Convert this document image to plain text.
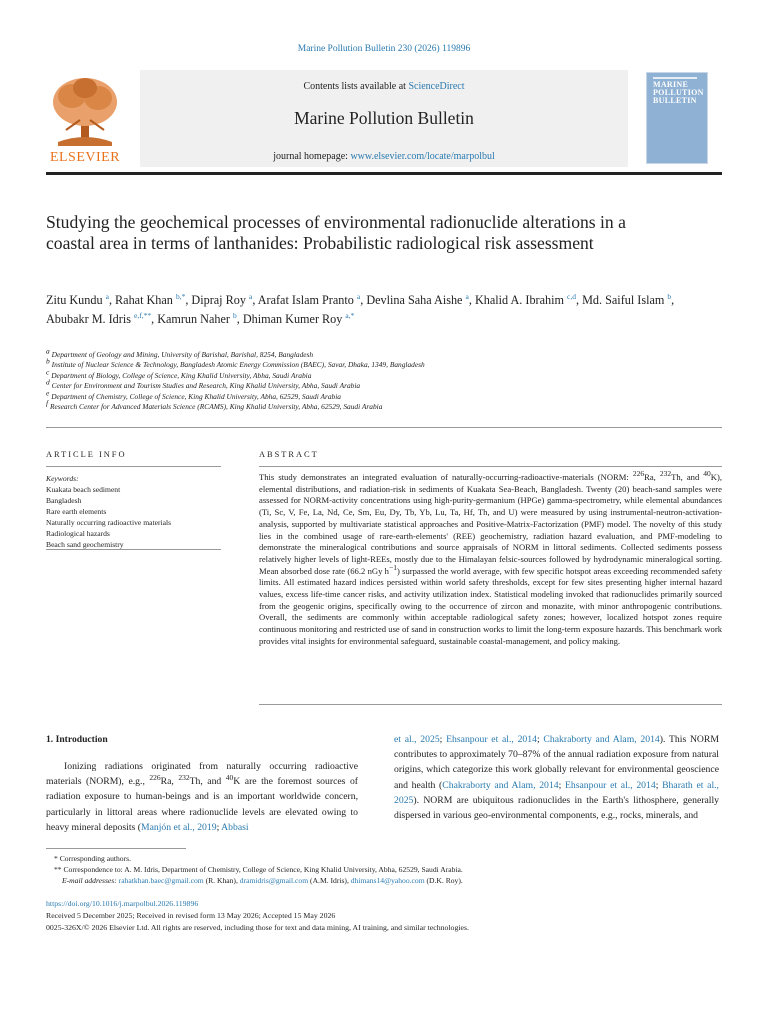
Marine Pollution Bulletin 230 (2026) 119896
ELSEVIER
Contents lists available at ScienceDirect
Marine Pollution Bulletin
journal homepage: www.elsevier.com/locate/marpolbul
MARINE
POLLUTION
BULLETIN
Studying the geochemical processes of environmental radionuclide alterations in a coastal area in terms of lanthanides: Probabilistic radiological risk assessment
Zitu Kundu $^a$, Rahat Khan $^{b,*}$, Dipraj Roy $^a$, Arafat Islam Pranto $^a$, Devlina Saha Aishe $^a$, Khalid A. Ibrahim $^{c,d}$, Md. Saiful Islam $^b$, Abubakr M. Idris $^{e,f,**}$, Kamrun Naher $^b$, Dhiman Kumer Roy $^{a,*}$
$^a$ Department of Geology and Mining, University of Barishal, Barishal, 8254, Bangladesh
$^b$ Institute of Nuclear Science & Technology, Bangladesh Atomic Energy Commission (BAEC), Savar, Dhaka, 1349, Bangladesh
$^c$ Department of Biology, College of Science, King Khalid University, Abha, Saudi Arabia
$^d$ Center for Environment and Tourism Studies and Research, King Khalid University, Abha, Saudi Arabia
$^e$ Department of Chemistry, College of Science, King Khalid University, Abha, 62529, Saudi Arabia
$^f$ Research Center for Advanced Materials Science (RCAMS), King Khalid University, Abha, 62529, Saudi Arabia
ARTICLE INFO
Keywords:
Kuakata beach sediment
Bangladesh
Rare earth elements
Naturally occurring radioactive materials
Radiological hazards
Beach sand geochemistry
ABSTRACT
This study demonstrates an integrated evaluation of naturally-occurring-radioactive-materials (NORM: $^{226}$Ra, $^{232}$Th, and $^{40}$K), elemental distributions, and radiation-risk in sediments of Kuakata Sea-Beach, Bangladesh. Twenty (20) beach-sand samples were assessed for NORM-activity concentrations using high-purity-germanium (HPGe) gamma-spectrometry, while elemental abundances (Ti, Sc, V, Fe, La, Nd, Ce, Sm, Eu, Dy, Tb, Yb, Lu, Ta, Hf, Th, and U) were measured by using instrumental-neutron-activation-analysis, supported by multivariate statistical approaches and Positive-Matrix-Factorization (PMF) model. The novelty of this study lies in the combined usage of rare-earth-elements' (REE) geochemistry, radiation hazard evaluation, and PMF-modeling to demonstrate the mineralogical contributions and source appraisals of NORM in littoral sediments. Collected sediments possess relatively higher levels of light-REEs, mostly due to the Himalayan felsic-sources followed by hydrodynamic mineralogical sorting. Mean absorbed dose rate (66.2 nGy $h^{-1}$) surpassed the world average, with few specific hotspot areas exceeding recommended safety limits. All estimated hazard indices persisted within world safety thresholds, except for few sites presenting higher internal hazard values, excess life-time cancer risks, and activity utilization index. Statistical modeling invoked that radionuclides primarily sourced from the geogenic origins, specifically owing to the occurrence of zircon and monazite, with minor anthropogenic contributions. Overall, the sediments are commonly within acceptable radiological safety zones; however, localized hotspot zones require continuous monitoring and restricted use of sand in construction works to limit the long-term exposure hazards. This benchmark work provides vital insights for environmental safeguard, sustainable coastal-management, and policy making.
1. Introduction
Ionizing radiations originated from naturally occurring radioactive materials (NORM), e.g., $^{226}$Ra, $^{232}$Th, and $^{40}$K are the foremost sources of radiation exposure to human-beings and is an important worldwide concern, particularly in littoral areas where radionuclide levels are elevated owing to heavy mineral deposits (Manjón et al., 2019; Abbasi
et al., 2025; Ehsanpour et al., 2014; Chakraborty and Alam, 2014). This NORM contributes to approximately 70–87% of the annual radiation exposure from natural origins, which categorize this work globally relevant for environmental geoscience and health (Chakraborty and Alam, 2014; Ehsanpour et al., 2014; Bharath et al., 2025). NORM are ubiquitous radionuclides in the Earth's lithosphere, generally dispersed in various geo-environmental components, e.g., rocks, minerals, and
* Corresponding authors.
** Correspondence to: A. M. Idris, Department of Chemistry, College of Science, King Khalid University, Abha, 62529, Saudi Arabia.
E-mail addresses: rahatkhan.baec@gmail.com (R. Khan), dramidris@gmail.com (A.M. Idris), dhimans14@yahoo.com (D.K. Roy).
https://doi.org/10.1016/j.marpolbul.2026.119896
Received 5 December 2025; Received in revised form 13 May 2026; Accepted 15 May 2026
0025-326X/© 2026 Elsevier Ltd. All rights are reserved, including those for text and data mining, AI training, and similar technologies.
